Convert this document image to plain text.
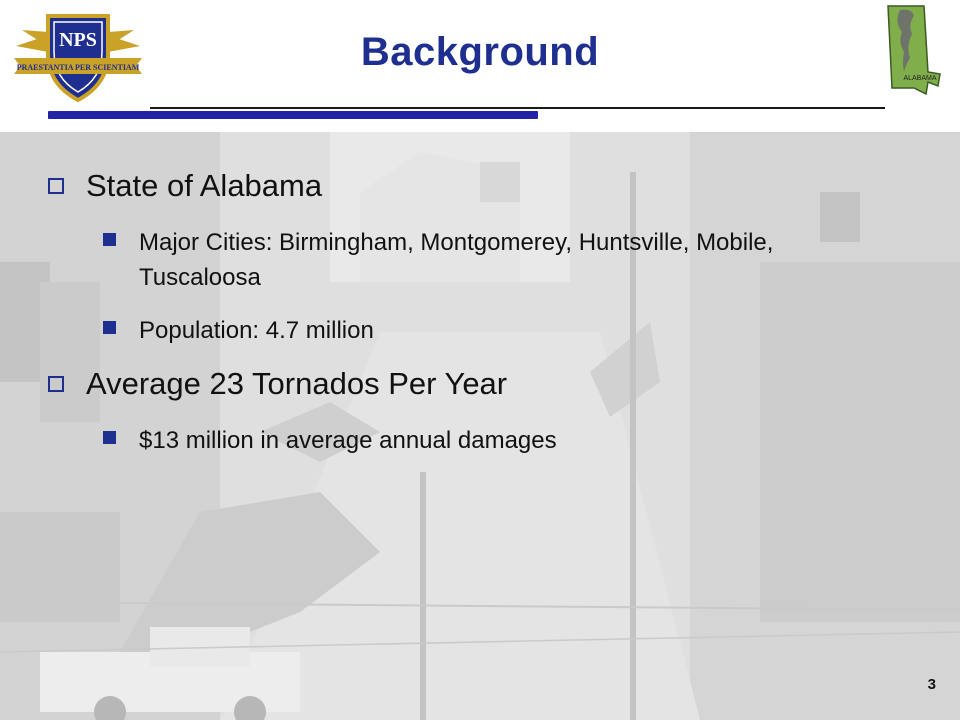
NPS
PRAESTANTIA PER SCIENTIAM	Background
ALABAMA
State of Alabama
Major Cities: Birmingham, Montgomerey, Huntsville, Mobile, Tuscaloosa
Population: 4.7 million
Average 23 Tornados Per Year
$13 million in average annual damages
3
